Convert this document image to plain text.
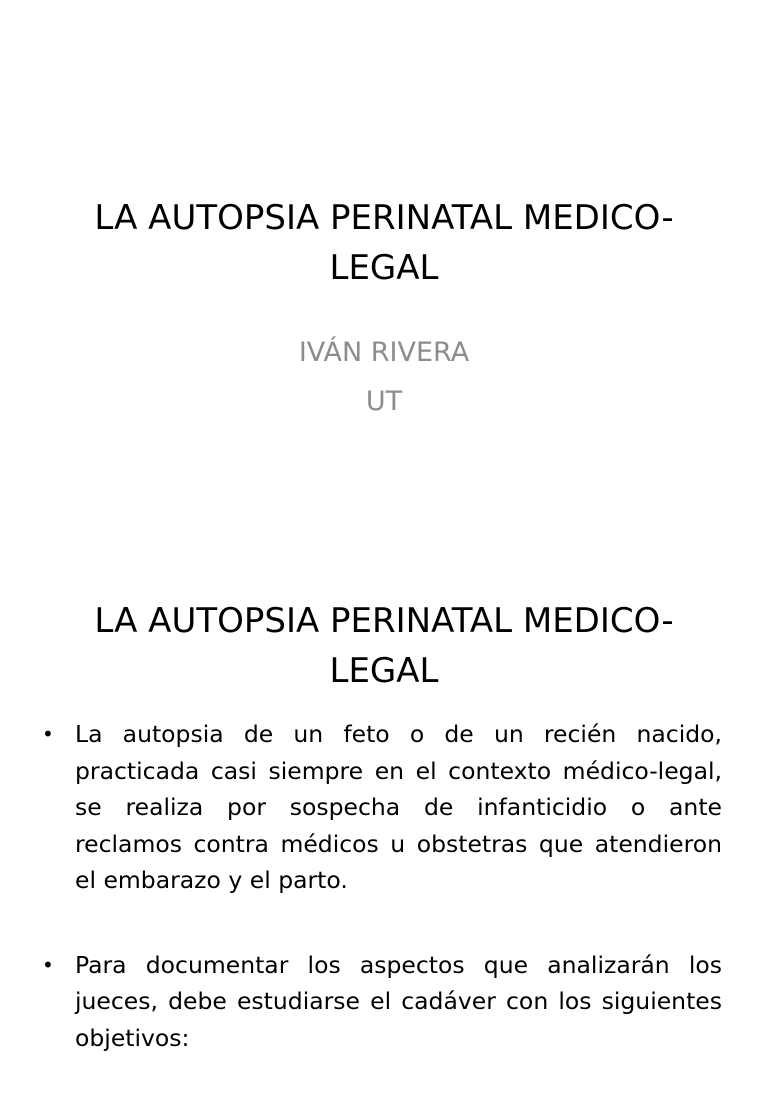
LA AUTOPSIA PERINATAL MEDICO-LEGAL
IVÁN RIVERA
UT
LA AUTOPSIA PERINATAL MEDICO-LEGAL
• La autopsia de un feto o de un recién nacido, practicada casi siempre en el contexto médico-legal, se realiza por sospecha de infanticidio o ante reclamos contra médicos u obstetras que atendieron el embarazo y el parto.
• Para documentar los aspectos que analizarán los jueces, debe estudiarse el cadáver con los siguientes objetivos:
